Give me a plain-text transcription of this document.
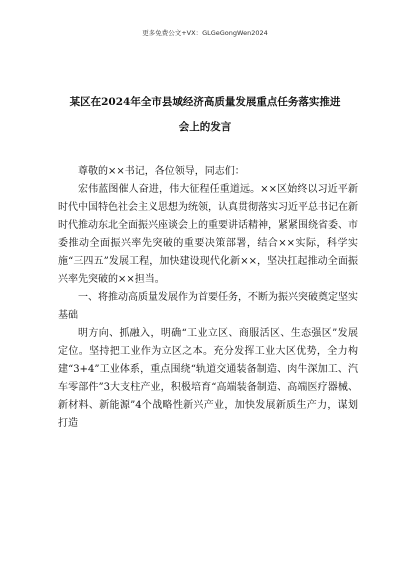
更多免费公文+VX：GLGeGongWen2024
某区在2024年全市县域经济高质量发展重点任务落实推进
会上的发言

尊敬的××书记，各位领导，同志们：

宏伟蓝图催人奋进，伟大征程任重道远。××区始终以习近平新时代中国特色社会主义思想为统领，认真贯彻落实习近平总书记在新时代推动东北全面振兴座谈会上的重要讲话精神，紧紧围绕省委、市委推动全面振兴率先突破的重要决策部署，结合××实际，科学实施“三四五”发展工程，加快建设现代化新××，坚决扛起推动全面振兴率先突破的××担当。

一、将推动高质量发展作为首要任务，不断为振兴突破奠定坚实基础

明方向、抓融入，明确“工业立区、商服活区、生态强区”发展定位。坚持把工业作为立区之本。充分发挥工业大区优势，全力构建“3+4”工业体系，重点围绕“轨道交通装备制造、肉牛深加工、汽车零部件”3大支柱产业，积极培育“高端装备制造、高端医疗器械、新材料、新能源”4个战略性新兴产业，加快发展新质生产力，谋划打造
